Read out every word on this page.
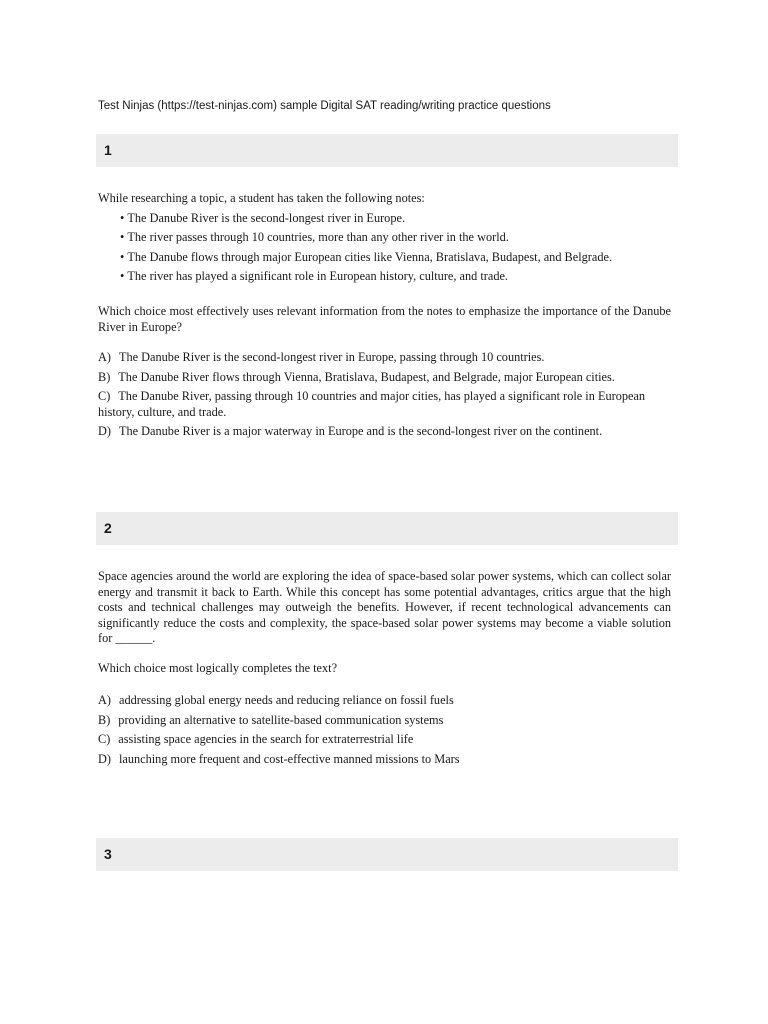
Test Ninjas (https://test-ninjas.com) sample Digital SAT reading/writing practice questions
1
While researching a topic, a student has taken the following notes:
• The Danube River is the second-longest river in Europe.
• The river passes through 10 countries, more than any other river in the world.
• The Danube flows through major European cities like Vienna, Bratislava, Budapest, and Belgrade.
• The river has played a significant role in European history, culture, and trade.
Which choice most effectively uses relevant information from the notes to emphasize the importance of the Danube River in Europe?
A) The Danube River is the second-longest river in Europe, passing through 10 countries.
B) The Danube River flows through Vienna, Bratislava, Budapest, and Belgrade, major European cities.
C) The Danube River, passing through 10 countries and major cities, has played a significant role in European history, culture, and trade.
D) The Danube River is a major waterway in Europe and is the second-longest river on the continent.
2
Space agencies around the world are exploring the idea of space-based solar power systems, which can collect solar energy and transmit it back to Earth. While this concept has some potential advantages, critics argue that the high costs and technical challenges may outweigh the benefits. However, if recent technological advancements can significantly reduce the costs and complexity, the space-based solar power systems may become a viable solution for ______.
Which choice most logically completes the text?
A) addressing global energy needs and reducing reliance on fossil fuels
B) providing an alternative to satellite-based communication systems
C) assisting space agencies in the search for extraterrestrial life
D) launching more frequent and cost-effective manned missions to Mars
3
